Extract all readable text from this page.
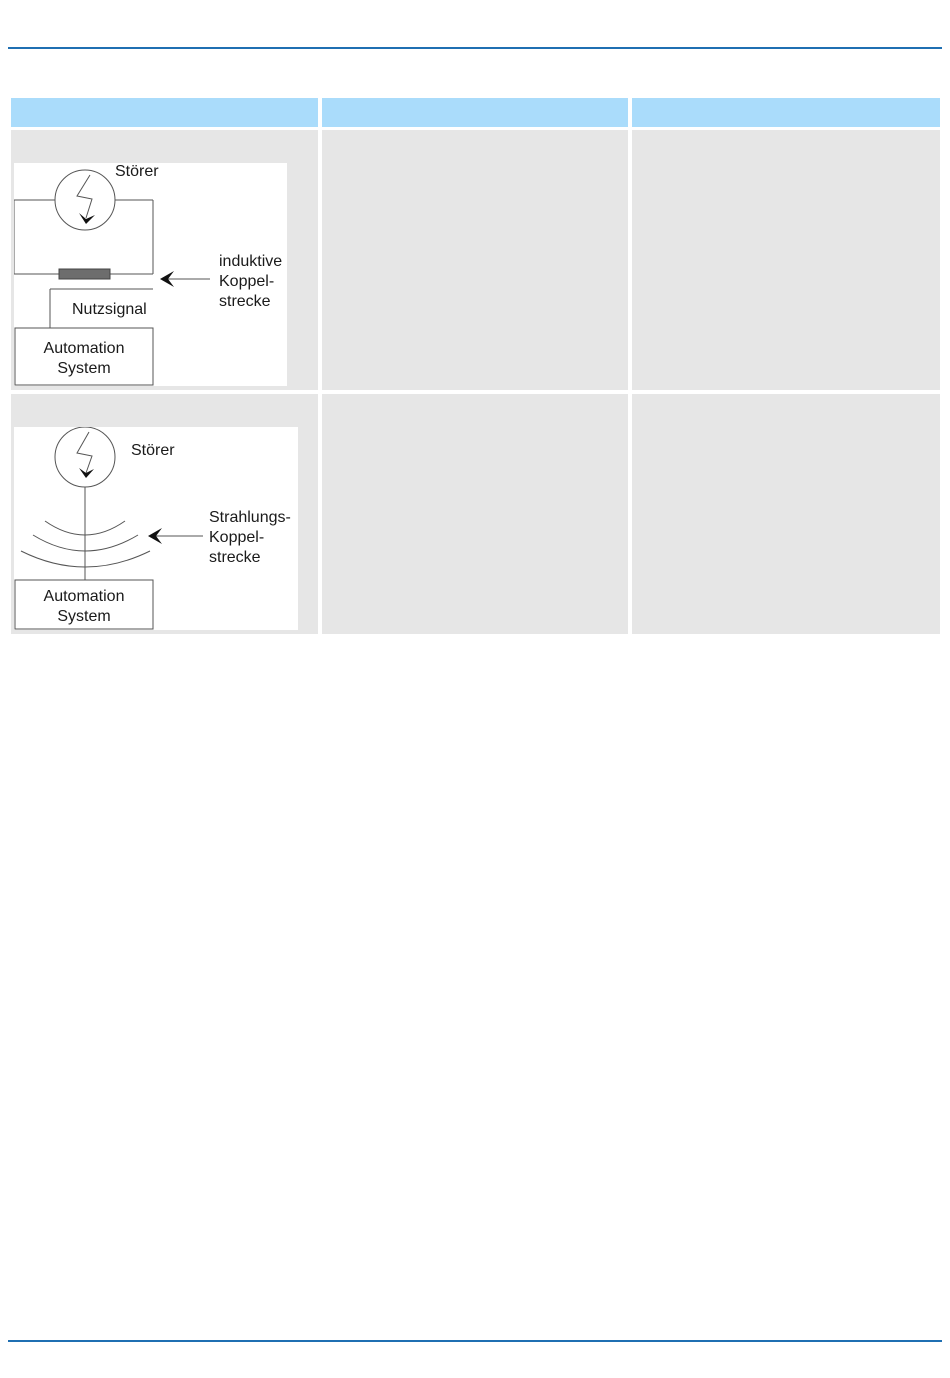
Störer
induktive
Koppel-
strecke
Nutzsignal
Automation
System
Störer
Strahlungs-
Koppel-
strecke
Automation
System
